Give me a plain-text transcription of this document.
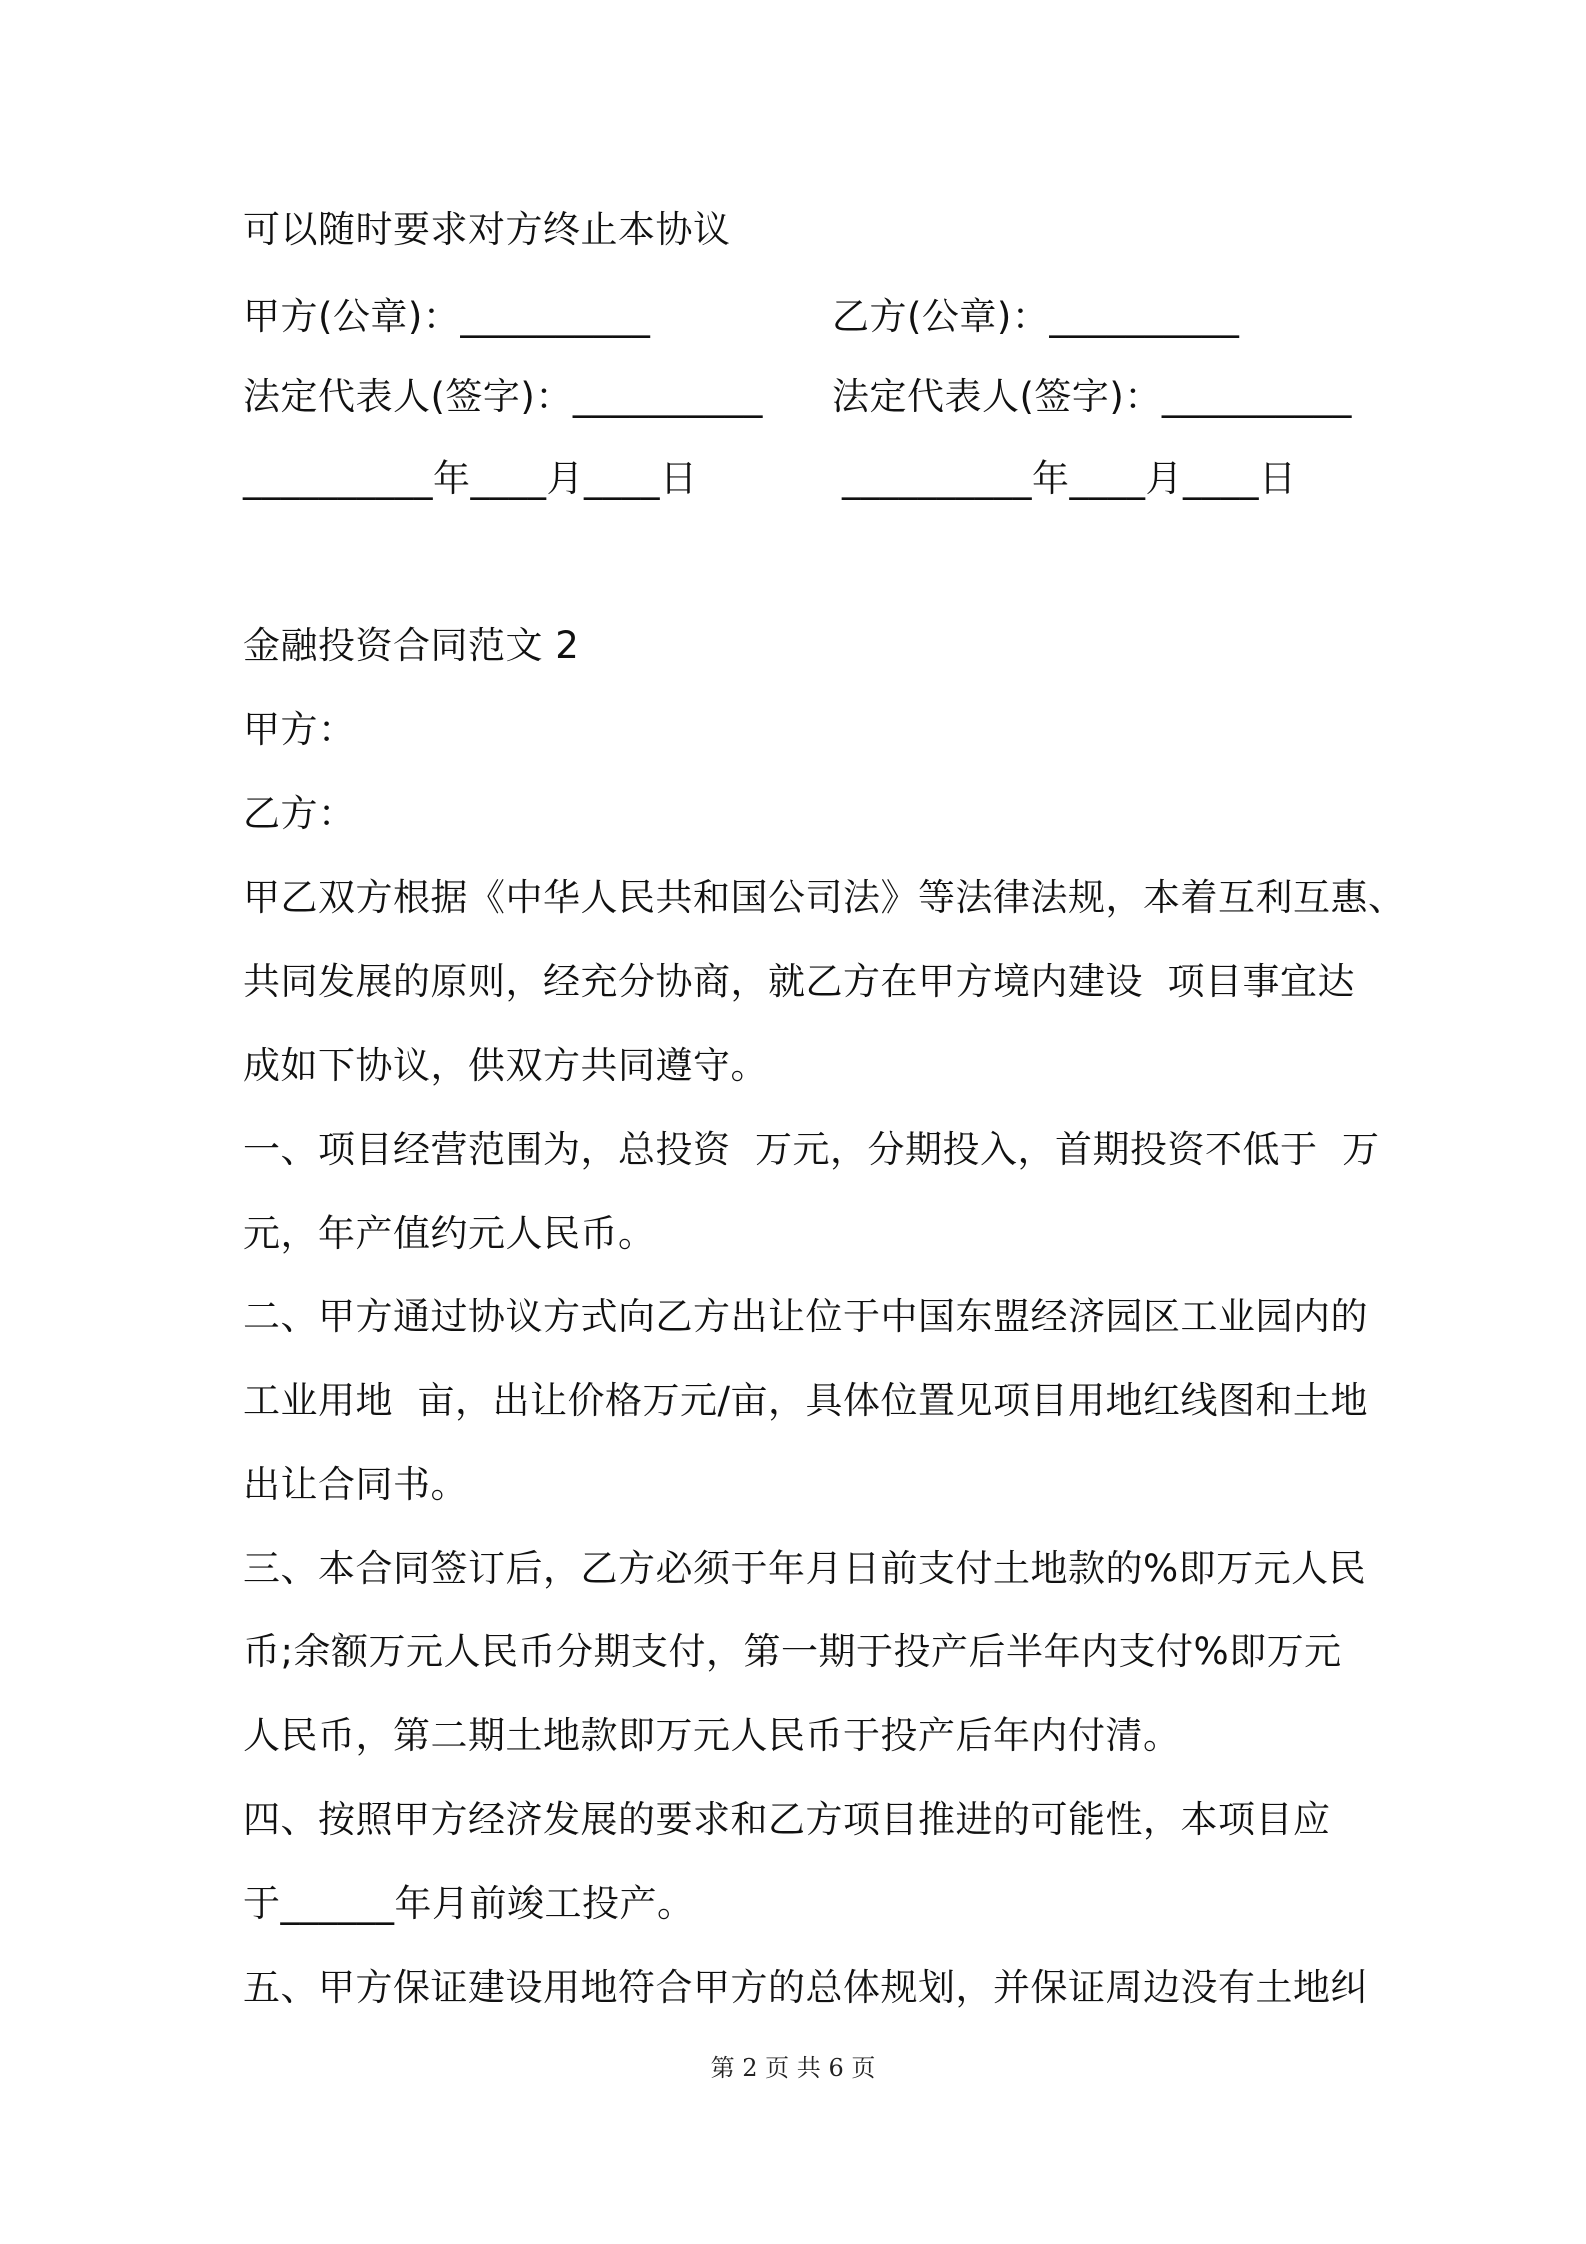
可以随时要求对方终止本协议
甲方(公章)：__________	乙方(公章)：__________
法定代表人(签字)：__________ 法定代表人(签字)：__________
__________年____月____日	__________年____月____日
金融投资合同范文 2
甲方：
乙方：
甲乙双方根据《中华人民共和国公司法》等法律法规，本着互利互惠、
共同发展的原则，经充分协商，就乙方在甲方境内建设  项目事宜达
成如下协议，供双方共同遵守。
一、项目经营范围为，总投资  万元，分期投入，首期投资不低于  万
元，年产值约元人民币。
二、甲方通过协议方式向乙方出让位于中国东盟经济园区工业园内的
工业用地  亩，出让价格万元/亩，具体位置见项目用地红线图和土地
出让合同书。
三、本合同签订后，乙方必须于年月日前支付土地款的%即万元人民
币;余额万元人民币分期支付，第一期于投产后半年内支付%即万元
人民币，第二期土地款即万元人民币于投产后年内付清。
四、按照甲方经济发展的要求和乙方项目推进的可能性，本项目应
于______年月前竣工投产。
五、甲方保证建设用地符合甲方的总体规划，并保证周边没有土地纠
第 2 页 共 6 页
